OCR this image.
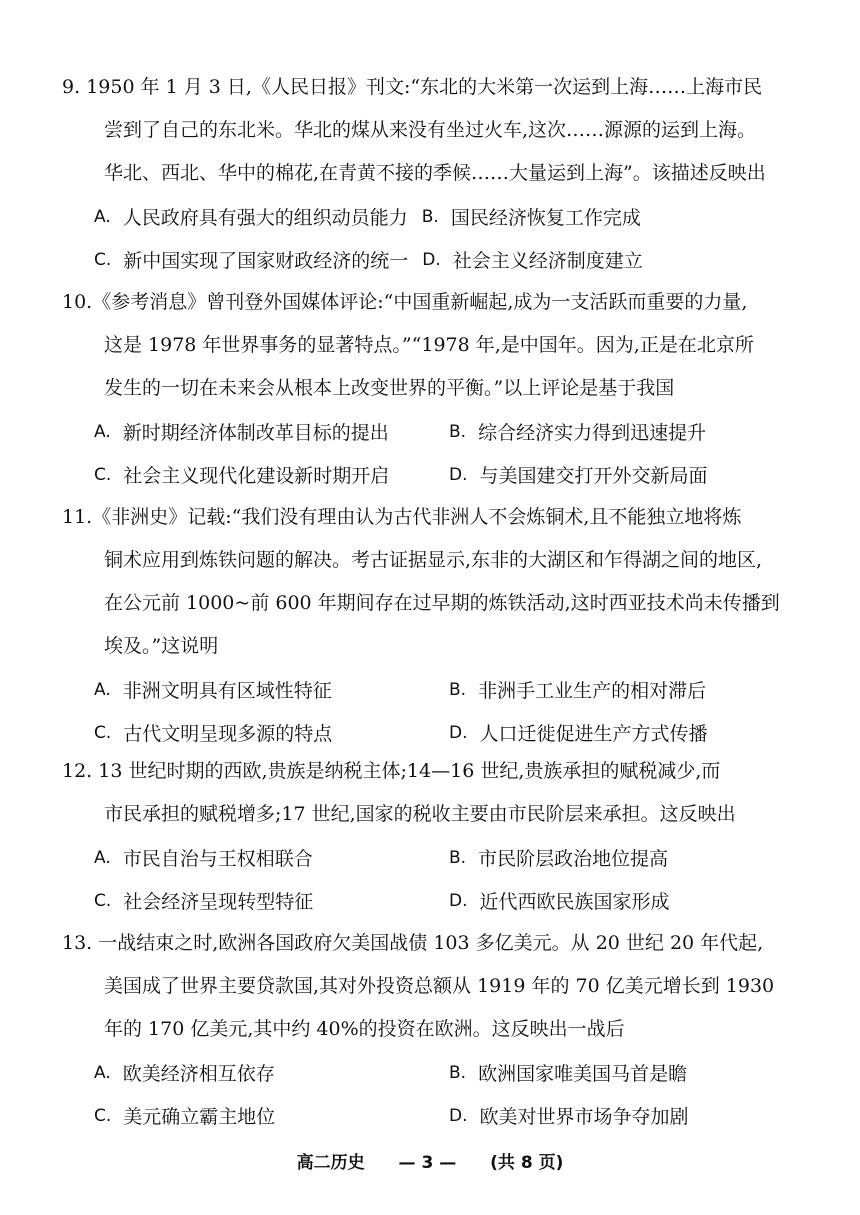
9. 1950 年 1 月 3 日,《人民日报》刊文:“东北的大米第一次运到上海……上海市民

尝到了自己的东北米。华北的煤从来没有坐过火车,这次……源源的运到上海。

华北、西北、华中的棉花,在青黄不接的季候……大量运到上海”。该描述反映出

A. 人民政府具有强大的组织动员能力 B. 国民经济恢复工作完成
C. 新中国实现了国家财政经济的统一 D. 社会主义经济制度建立

10.《参考消息》曾刊登外国媒体评论:“中国重新崛起,成为一支活跃而重要的力量,

这是 1978 年世界事务的显著特点。”“1978 年,是中国年。因为,正是在北京所

发生的一切在未来会从根本上改变世界的平衡。”以上评论是基于我国

A. 新时期经济体制改革目标的提出	B. 综合经济实力得到迅速提升
C. 社会主义现代化建设新时期开启	D. 与美国建交打开外交新局面

11.《非洲史》记载:“我们没有理由认为古代非洲人不会炼铜术,且不能独立地将炼

铜术应用到炼铁问题的解决。考古证据显示,东非的大湖区和乍得湖之间的地区,

在公元前 1000~前 600 年期间存在过早期的炼铁活动,这时西亚技术尚未传播到

埃及。”这说明

A. 非洲文明具有区域性特征	B. 非洲手工业生产的相对滞后
C. 古代文明呈现多源的特点	D. 人口迁徙促进生产方式传播

12. 13 世纪时期的西欧,贵族是纳税主体;14—16 世纪,贵族承担的赋税减少,而

市民承担的赋税增多;17 世纪,国家的税收主要由市民阶层来承担。这反映出

A. 市民自治与王权相联合	B. 市民阶层政治地位提高
C. 社会经济呈现转型特征	D. 近代西欧民族国家形成

13. 一战结束之时,欧洲各国政府欠美国战债 103 多亿美元。从 20 世纪 20 年代起,

美国成了世界主要贷款国,其对外投资总额从 1919 年的 70 亿美元增长到 1930

年的 170 亿美元,其中约 40%的投资在欧洲。这反映出一战后

A. 欧美经济相互依存	B. 欧洲国家唯美国马首是瞻
C. 美元确立霸主地位	D. 欧美对世界市场争夺加剧
高二历史 — 3 — (共 8 页)
